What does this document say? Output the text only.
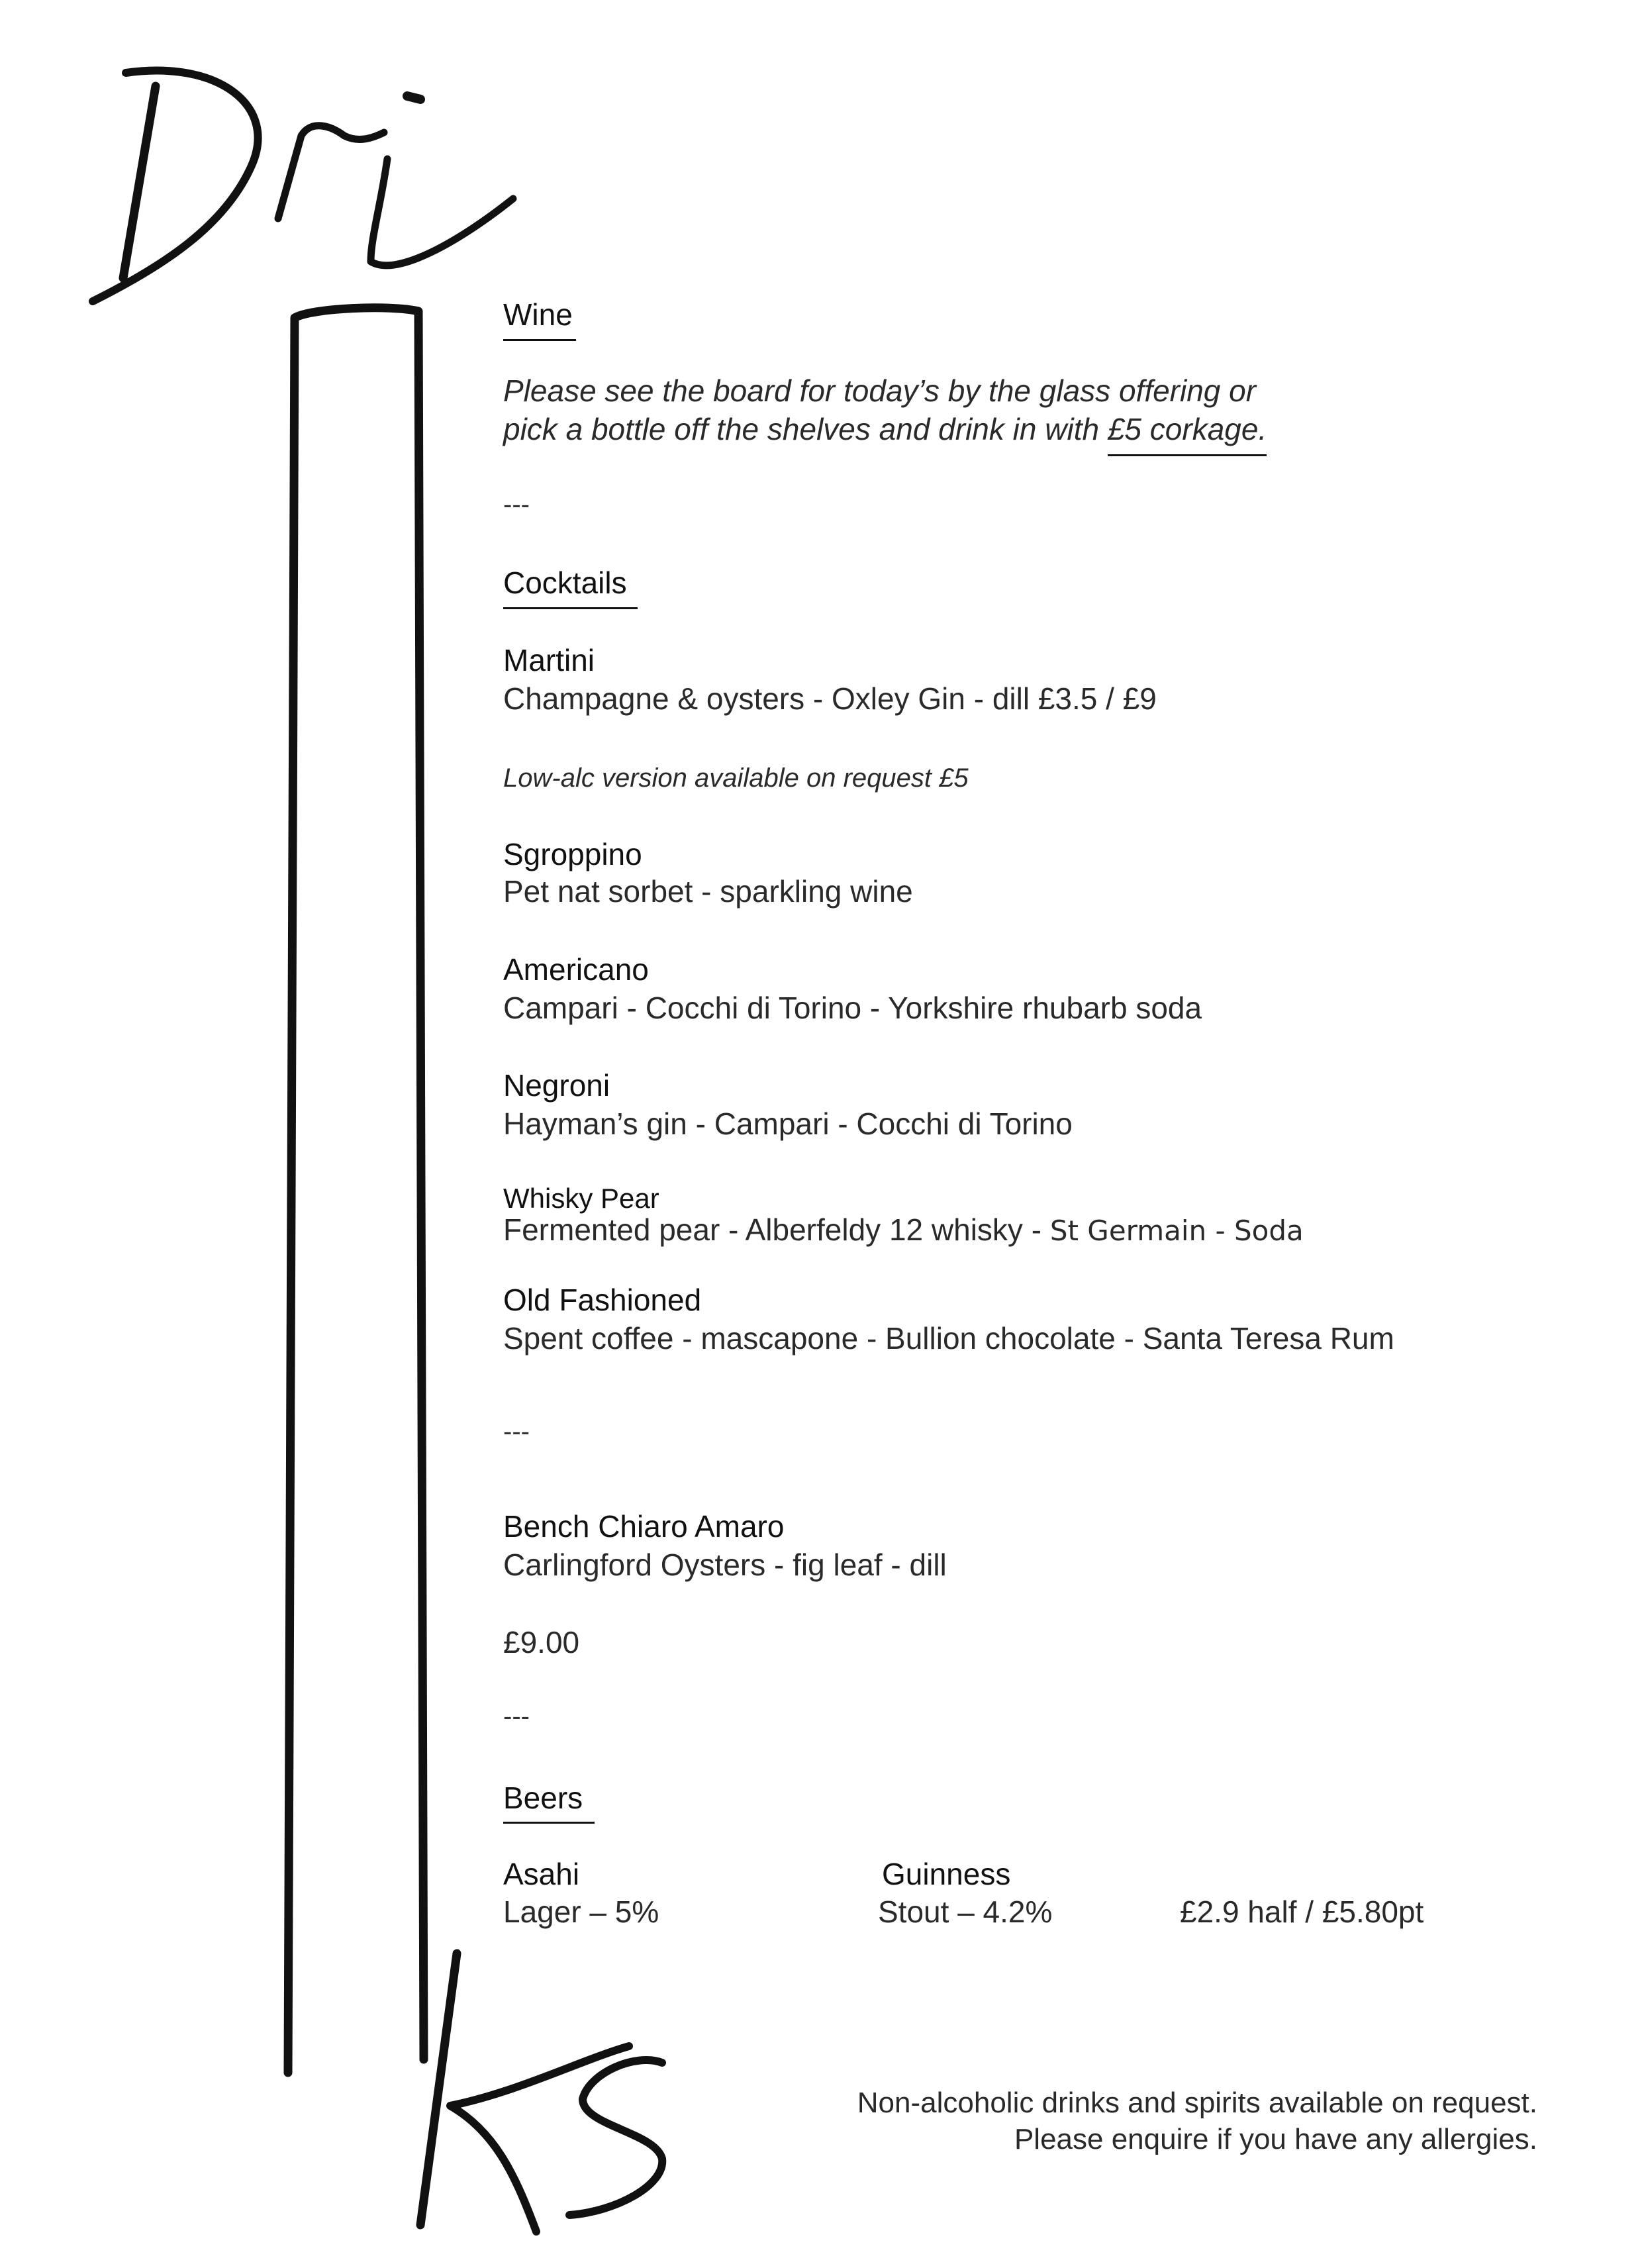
Wine
Please see the board for today’s by the glass offering or
pick a bottle off the shelves and drink in with £5 corkage.
---
Cocktails
Martini
Champagne & oysters - Oxley Gin - dill £3.5 / £9
Low-alc version available on request £5
Sgroppino
Pet nat sorbet - sparkling wine
Americano
Campari - Cocchi di Torino - Yorkshire rhubarb soda
Negroni
Hayman’s gin - Campari - Cocchi di Torino
Whisky Pear
Fermented pear - Alberfeldy 12 whisky - St Germain - Soda
Old Fashioned
Spent coffee - mascapone - Bullion chocolate - Santa Teresa Rum
---
Bench Chiaro Amaro
Carlingford Oysters - fig leaf - dill
£9.00
---
Beers
Asahi
Lager – 5%
Guinness
Stout – 4.2%	£2.9 half / £5.80pt
Non-alcoholic drinks and spirits available on request.
Please enquire if you have any allergies.
